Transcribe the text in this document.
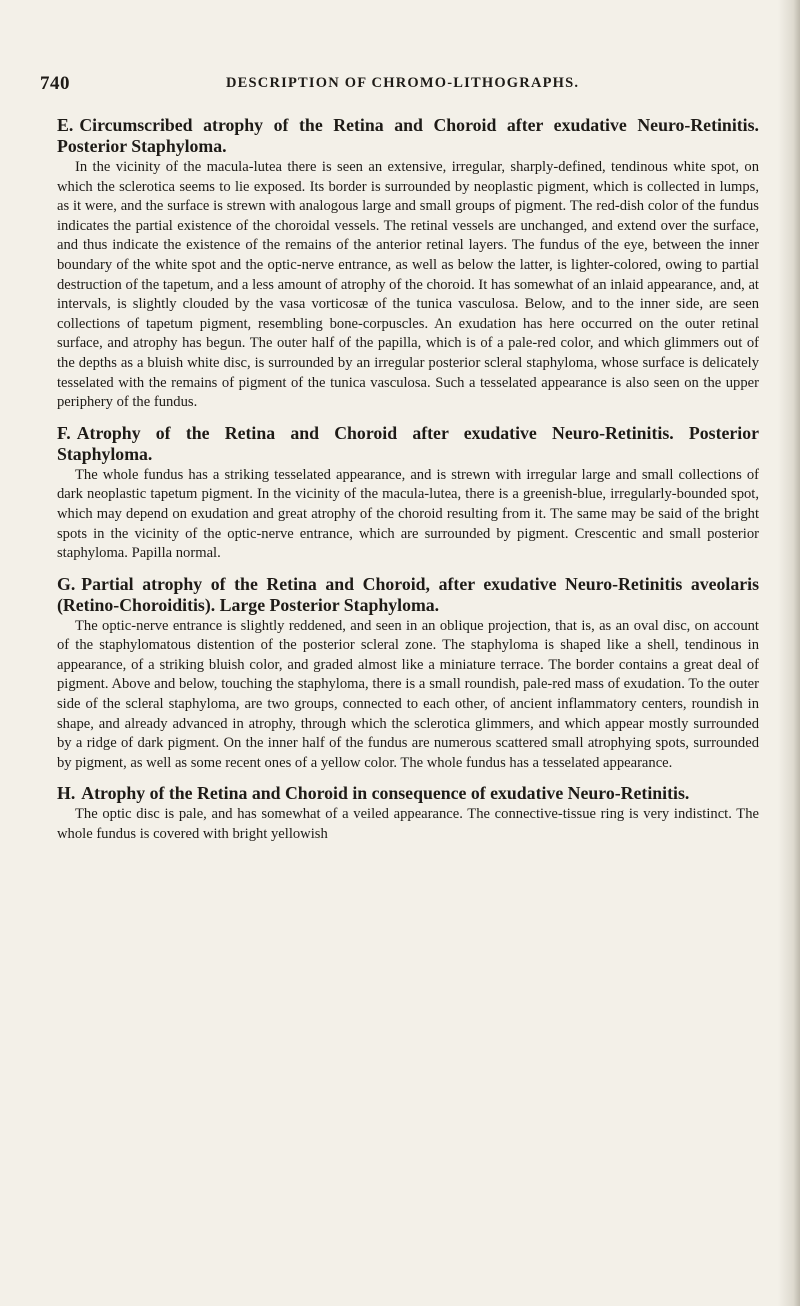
740	DESCRIPTION OF CHROMO-LITHOGRAPHS.

E. Circumscribed atrophy of the Retina and Choroid after exudative Neuro-Retinitis. Posterior Staphyloma.

In the vicinity of the macula-lutea there is seen an extensive, irregular, sharply-defined, tendinous white spot, on which the sclerotica seems to lie exposed. Its border is surrounded by neoplastic pigment, which is collected in lumps, as it were, and the surface is strewn with analogous large and small groups of pigment. The red-dish color of the fundus indicates the partial existence of the choroidal vessels. The retinal vessels are unchanged, and extend over the surface, and thus indicate the existence of the remains of the anterior retinal layers. The fundus of the eye, between the inner boundary of the white spot and the optic-nerve entrance, as well as below the latter, is lighter-colored, owing to partial destruction of the tapetum, and a less amount of atrophy of the choroid. It has somewhat of an inlaid appearance, and, at intervals, is slightly clouded by the vasa vorticosæ of the tunica vasculosa. Below, and to the inner side, are seen collections of tapetum pigment, resembling bone-corpuscles. An exudation has here occurred on the outer retinal surface, and atrophy has begun. The outer half of the papilla, which is of a pale-red color, and which glimmers out of the depths as a bluish white disc, is surrounded by an irregular posterior scleral staphyloma, whose surface is delicately tesselated with the remains of pigment of the tunica vasculosa. Such a tesselated appearance is also seen on the upper periphery of the fundus.

F. Atrophy of the Retina and Choroid after exudative Neuro-Retinitis. Posterior Staphyloma.

The whole fundus has a striking tesselated appearance, and is strewn with irregular large and small collections of dark neoplastic tapetum pigment. In the vicinity of the macula-lutea, there is a greenish-blue, irregularly-bounded spot, which may depend on exudation and great atrophy of the choroid resulting from it. The same may be said of the bright spots in the vicinity of the optic-nerve entrance, which are surrounded by pigment. Crescentic and small posterior staphyloma. Papilla normal.

G. Partial atrophy of the Retina and Choroid, after exudative Neuro-Retinitis aveolaris (Retino-Choroiditis). Large Posterior Staphyloma.

The optic-nerve entrance is slightly reddened, and seen in an oblique projection, that is, as an oval disc, on account of the staphylomatous distention of the posterior scleral zone. The staphyloma is shaped like a shell, tendinous in appearance, of a striking bluish color, and graded almost like a miniature terrace. The border contains a great deal of pigment. Above and below, touching the staphyloma, there is a small roundish, pale-red mass of exudation. To the outer side of the scleral staphyloma, are two groups, connected to each other, of ancient inflammatory centers, roundish in shape, and already advanced in atrophy, through which the sclerotica glimmers, and which appear mostly surrounded by a ridge of dark pigment. On the inner half of the fundus are numerous scattered small atrophying spots, surrounded by pigment, as well as some recent ones of a yellow color. The whole fundus has a tesselated appearance.

H. Atrophy of the Retina and Choroid in consequence of exudative Neuro-Retinitis.

The optic disc is pale, and has somewhat of a veiled appearance. The connective-tissue ring is very indistinct. The whole fundus is covered with bright yellowish
